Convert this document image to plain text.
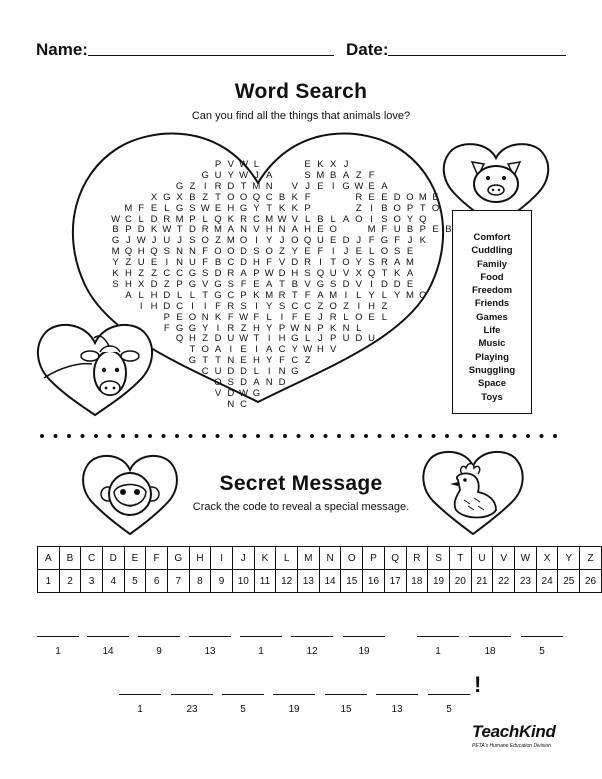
Name:	Date:
Word Search
Can you find all the things that animals love?
P V W L
G U Y W J A
G Z I R D T M N
X G X B Z T O O Q C B K F
M F E L G S W E H G Y T K K P
W C L D R M P L Q K R C M W V
B P D K W T D R M A N V H N A H E O
G J W J U J S O Z M O I Y J O Q U E D J
M Q H Q S N N F O O D S O Z Y E F I J E
Y Z U E I N U F B C D H F V D R I T O Y
K H Z Z C C G S D R A P W D H S Q U V X
S H X D Z P G V G S F E A T B V G S D V
A L H D L L T G C P K M R T F A M I L Y
I H D C I	I F R S I Y S C C Z O Z I H Z
P E O N K F W F L I F E J R L O E L
F G G Y I R Z H Y P W N P K N L
Q H Z D U W T I H G L J P U D U
T O A I E I A C Y W H V
G T T N E H Y F C Z
C U D D L I N G
O S D A N D
V D W G
N C
E K X J
S M B A Z F
V J E I G W E A
R E E D O M E
Z I B O P T O
L B L A O I S O Y Q
M F U B P E B
F G F J K
L O S E
S R A M
Q T K A
I D D E
L Y M O
Comfort
Cuddling
Family
Food
Freedom
Friends
Games
Life
Music
Playing
Snuggling
Space
Toys
Secret Message
Crack the code to reveal a special message.
A	B	C	D	E	F	G	H	I	J	K	L	M	N	O	P	Q	R	S	T	U	V	W	X	Y	Z
1	2	3	4	5	6	7	8	9	10	11	12	13	14	15	16	17	18	19	20	21	22	23	24	25	26
1	14	9	13	1	12	19	1	18	5
1	23	5	19	15	13	5
!
TeachKind
PETA's Humane Education Division
